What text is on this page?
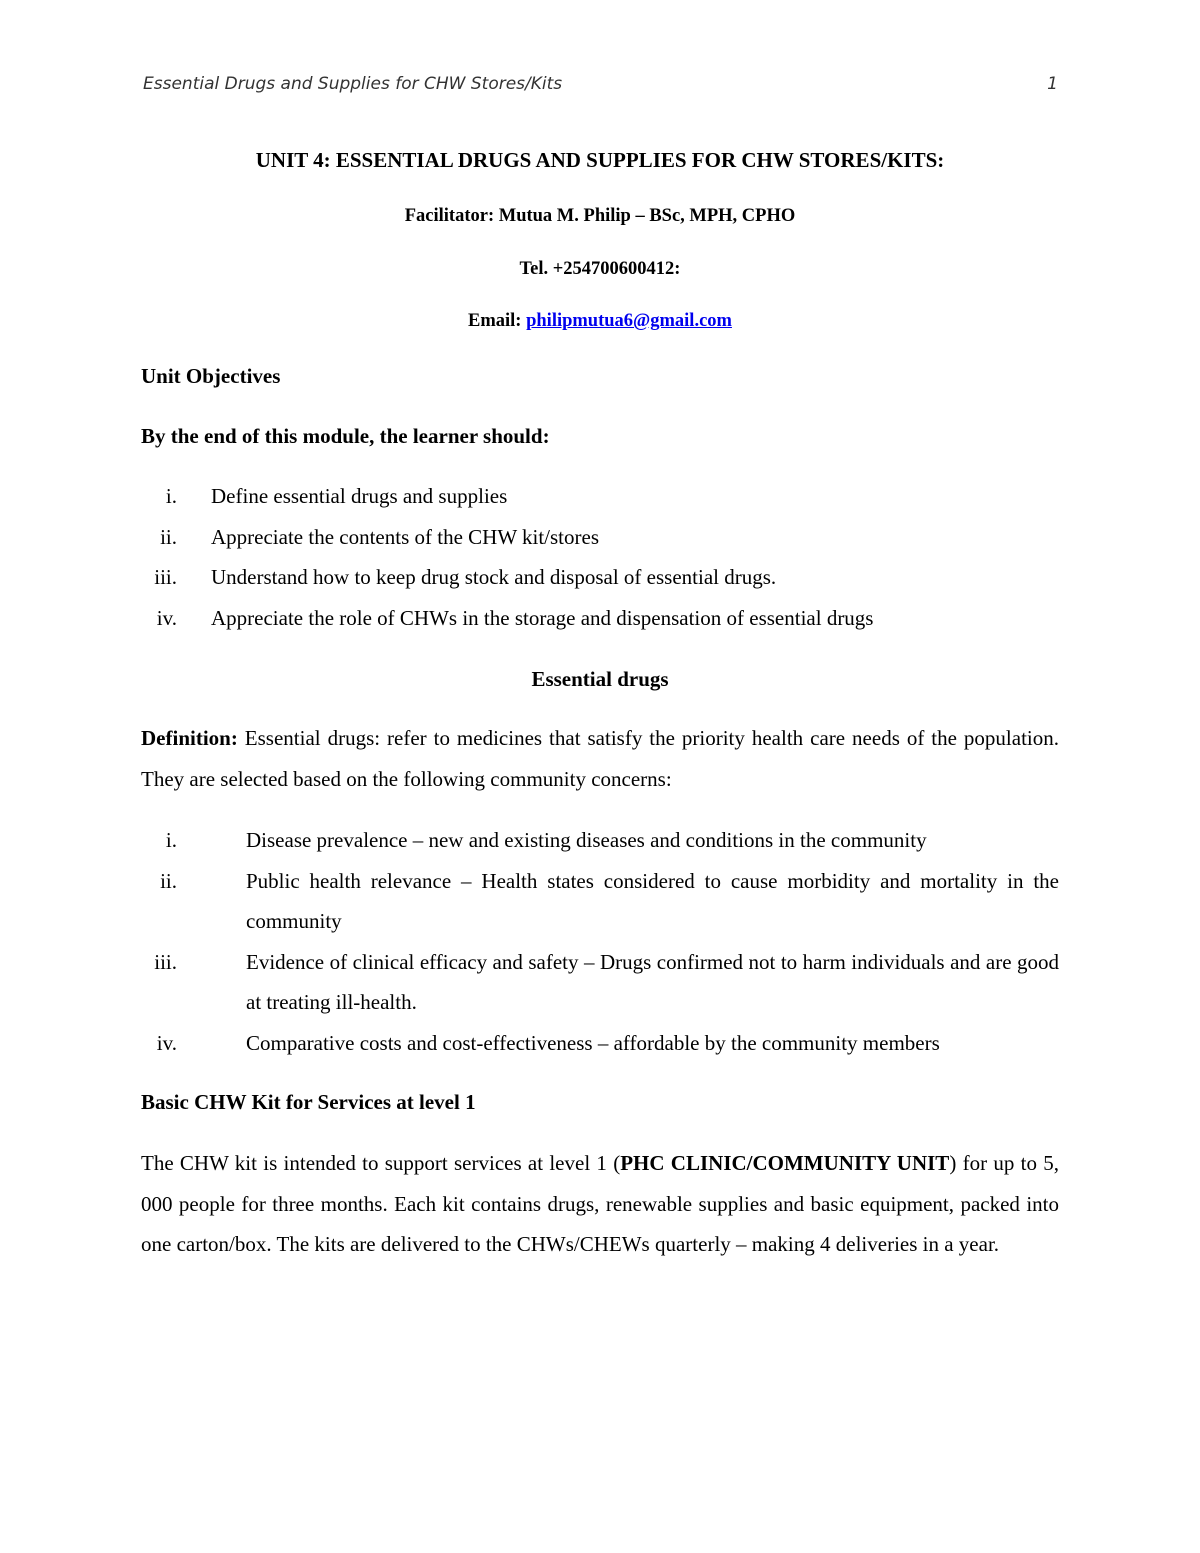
Essential Drugs and Supplies for CHW Stores/Kits	1
UNIT 4: ESSENTIAL DRUGS AND SUPPLIES FOR CHW STORES/KITS:
Facilitator: Mutua M. Philip – BSc, MPH, CPHO
Tel. +254700600412:
Email: philipmutua6@gmail.com
Unit Objectives
By the end of this module, the learner should:
i. Define essential drugs and supplies
ii. Appreciate the contents of the CHW kit/stores
iii. Understand how to keep drug stock and disposal of essential drugs.
iv. Appreciate the role of CHWs in the storage and dispensation of essential drugs
Essential drugs
Definition: Essential drugs: refer to medicines that satisfy the priority health care needs of the population. They are selected based on the following community concerns:
i.	Disease prevalence – new and existing diseases and conditions in the community
ii.	Public health relevance – Health states considered to cause morbidity and mortality in the community
iii.	Evidence of clinical efficacy and safety – Drugs confirmed not to harm individuals and are good at treating ill-health.
iv.	Comparative costs and cost-effectiveness – affordable by the community members
Basic CHW Kit for Services at level 1
The CHW kit is intended to support services at level 1 (PHC CLINIC/COMMUNITY UNIT) for up to 5, 000 people for three months. Each kit contains drugs, renewable supplies and basic equipment, packed into one carton/box. The kits are delivered to the CHWs/CHEWs quarterly – making 4 deliveries in a year.
